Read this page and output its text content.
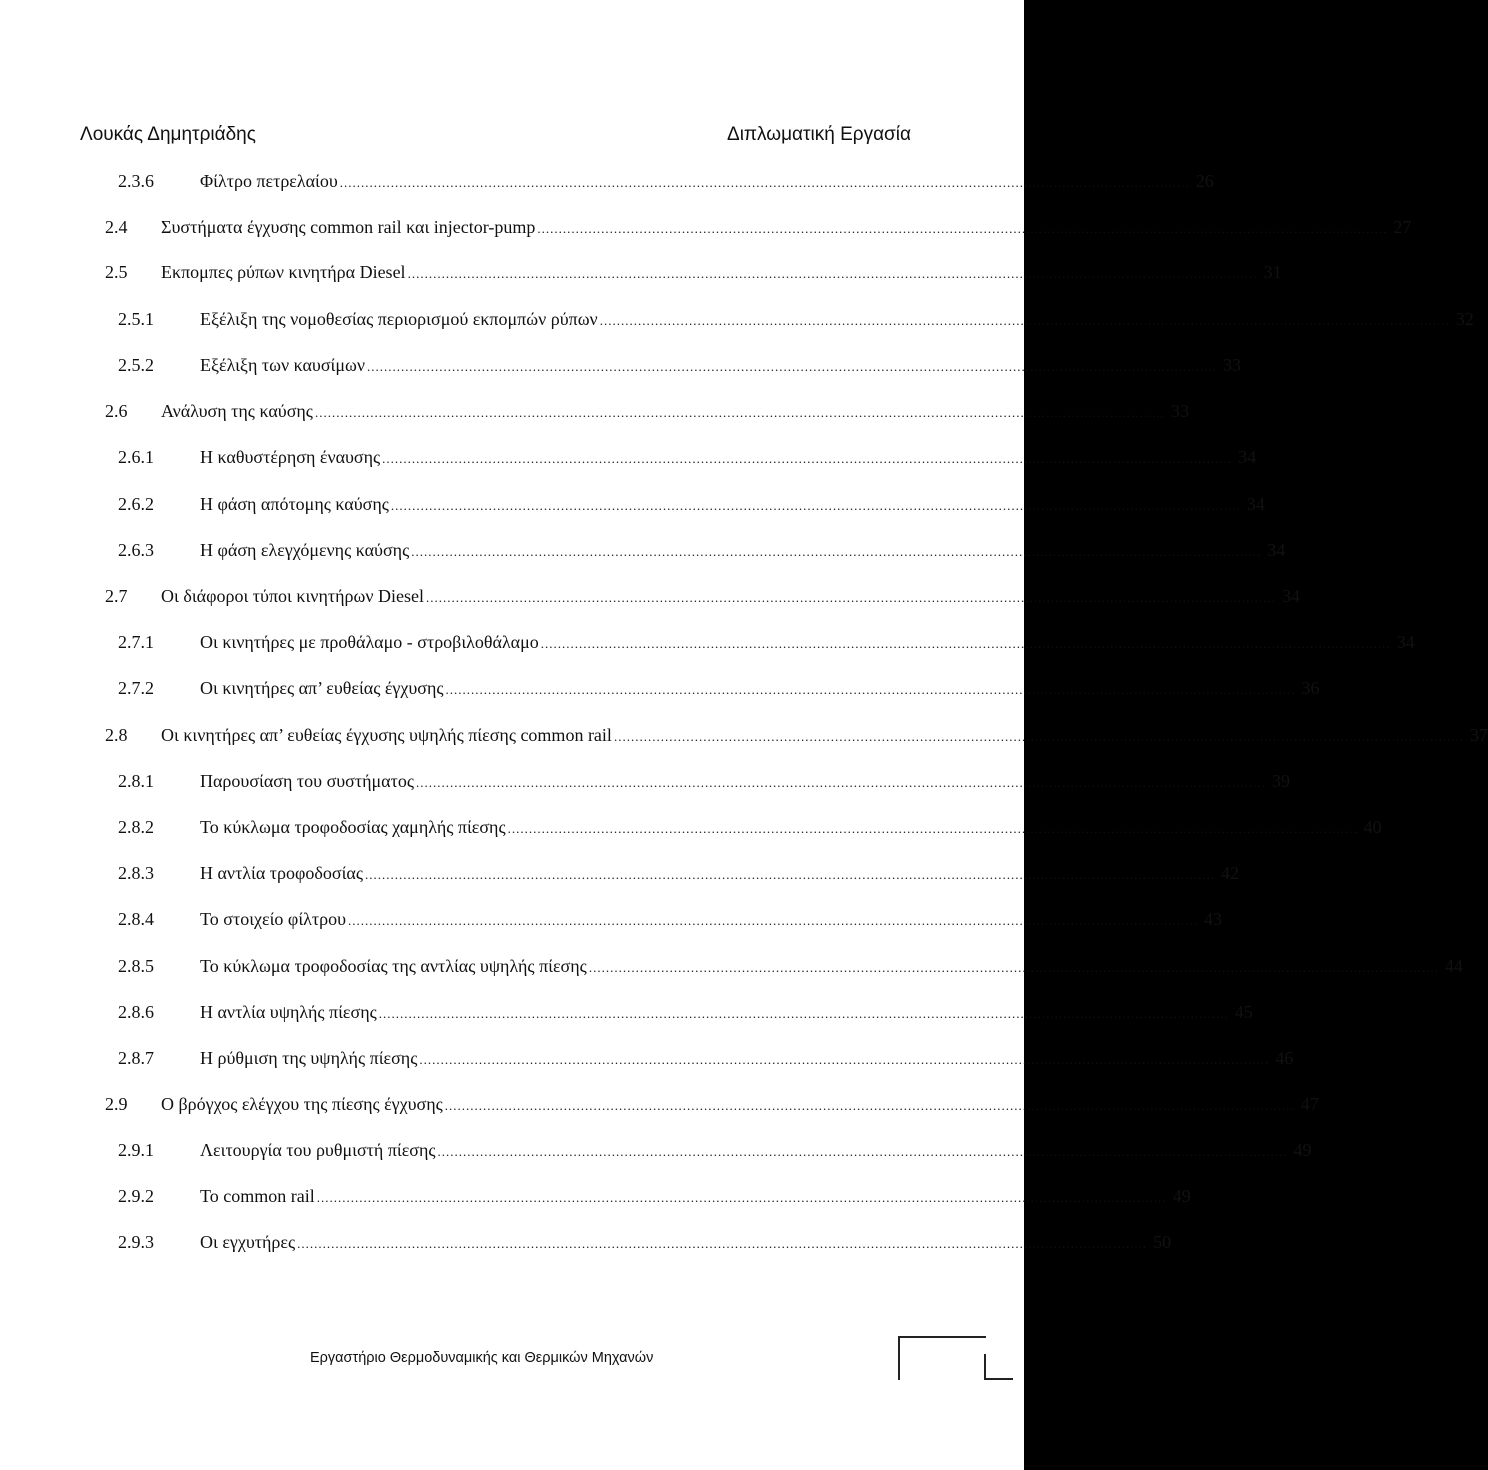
Λουκάς Δημητριάδης	Διπλωματική Εργασία
2.3.6	Φίλτρο πετρελαίου ........................................................................................................................................................................................................ 26
2.4 Συστήματα έγχυσης common rail και injector-pump ........................................................................................................................................................................................................ 27
2.5 Εκπομπες ρύπων κινητήρα Diesel ........................................................................................................................................................................................................ 31
2.5.1	Εξέλιξη της νομοθεσίας περιορισμού εκπομπών ρύπων ........................................................................................................................................................................................................ 32
2.5.2	Εξέλιξη των καυσίμων ........................................................................................................................................................................................................ 33
2.6 Ανάλυση της καύσης ........................................................................................................................................................................................................ 33
2.6.1	Η καθυστέρηση έναυσης ........................................................................................................................................................................................................ 34
2.6.2	Η φάση απότομης καύσης ........................................................................................................................................................................................................ 34
2.6.3	Η φάση ελεγχόμενης καύσης ........................................................................................................................................................................................................ 34
2.7 Οι διάφοροι τύποι κινητήρων Diesel ........................................................................................................................................................................................................ 34
2.7.1	Οι κινητήρες με προθάλαμο - στροβιλοθάλαμο ........................................................................................................................................................................................................ 34
2.7.2	Οι κινητήρες απ’ ευθείας έγχυσης ........................................................................................................................................................................................................ 36
2.8 Οι κινητήρες απ’ ευθείας έγχυσης υψηλής πίεσης common rail ........................................................................................................................................................................................................ 37
2.8.1	Παρουσίαση του συστήματος ........................................................................................................................................................................................................ 39
2.8.2	Το κύκλωμα τροφοδοσίας χαμηλής πίεσης ........................................................................................................................................................................................................ 40
2.8.3	Η αντλία τροφοδοσίας ........................................................................................................................................................................................................ 42
2.8.4	Το στοιχείο φίλτρου ........................................................................................................................................................................................................ 43
2.8.5	Το κύκλωμα τροφοδοσίας της αντλίας υψηλής πίεσης ........................................................................................................................................................................................................ 44
2.8.6	Η αντλία υψηλής πίεσης ........................................................................................................................................................................................................ 45
2.8.7	Η ρύθμιση της υψηλής πίεσης ........................................................................................................................................................................................................ 46
2.9 Ο βρόγχος ελέγχου της πίεσης έγχυσης ........................................................................................................................................................................................................ 47
2.9.1	Λειτουργία του ρυθμιστή πίεσης ........................................................................................................................................................................................................ 49
2.9.2	Το common rail ........................................................................................................................................................................................................ 49
2.9.3	Οι εγχυτήρες ........................................................................................................................................................................................................ 50
Εργαστήριο Θερμοδυναμικής και Θερμικών Μηχανών
